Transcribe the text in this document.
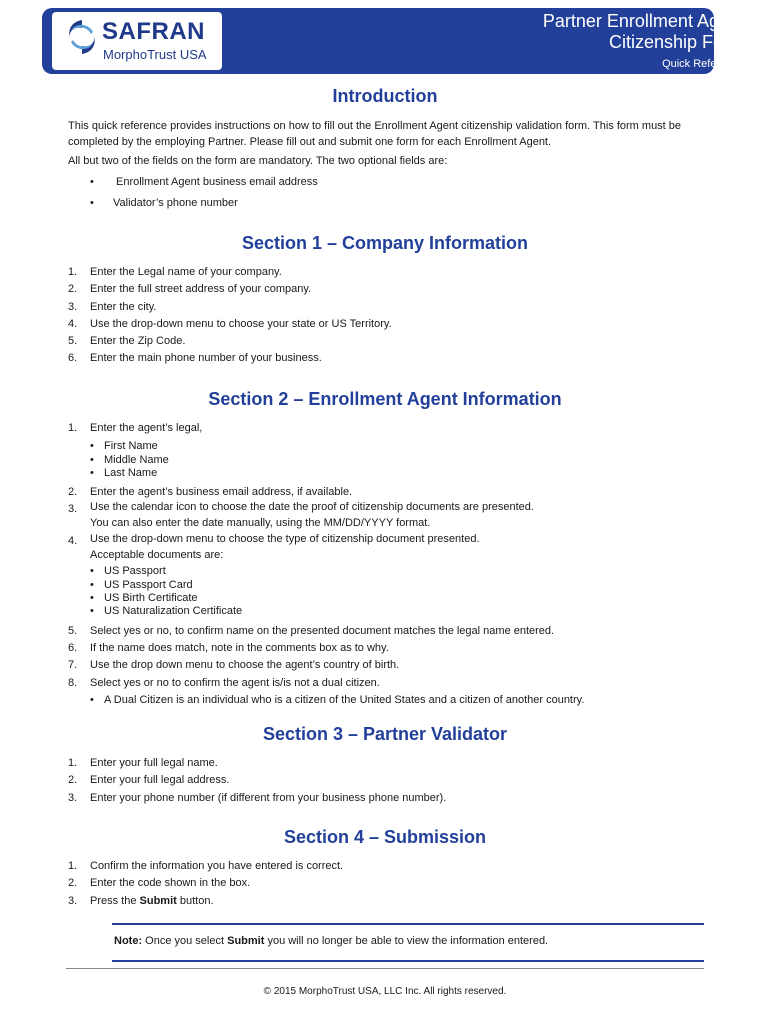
SAFRAN
MorphoTrust USA
Partner Enrollment Agent
Citizenship Form
Quick Reference
Introduction

This quick reference provides instructions on how to fill out the Enrollment Agent citizenship validation form. This form must be completed by the employing Partner. Please fill out and submit one form for each Enrollment Agent.

All but two of the fields on the form are mandatory. The two optional fields are:

• Enrollment Agent business email address
• Validator’s phone number
Section 1 – Company Information
1. Enter the Legal name of your company.
2. Enter the full street address of your company.
3. Enter the city.
4. Use the drop-down menu to choose your state or US Territory.
5. Enter the Zip Code.
6. Enter the main phone number of your business.
Section 2 – Enrollment Agent Information
1. Enter the agent’s legal,
• First Name
• Middle Name
• Last Name
2. Enter the agent’s business email address, if available.
3. Use the calendar icon to choose the date the proof of citizenship documents are presented.
You can also enter the date manually, using the MM/DD/YYYY format.
4. Use the drop-down menu to choose the type of citizenship document presented.
Acceptable documents are:
• US Passport
• US Passport Card
• US Birth Certificate
• US Naturalization Certificate
5. Select yes or no, to confirm name on the presented document matches the legal name entered.
6. If the name does match, note in the comments box as to why.
7. Use the drop down menu to choose the agent’s country of birth.
8. Select yes or no to confirm the agent is/is not a dual citizen.
• A Dual Citizen is an individual who is a citizen of the United States and a citizen of another country.
Section 3 – Partner Validator
1. Enter your full legal name.
2. Enter your full legal address.
3. Enter your phone number (if different from your business phone number).
Section 4 – Submission
1. Confirm the information you have entered is correct.
2. Enter the code shown in the box.
3. Press the Submit button.
Note: Once you select Submit you will no longer be able to view the information entered.
© 2015 MorphoTrust USA, LLC Inc. All rights reserved.
